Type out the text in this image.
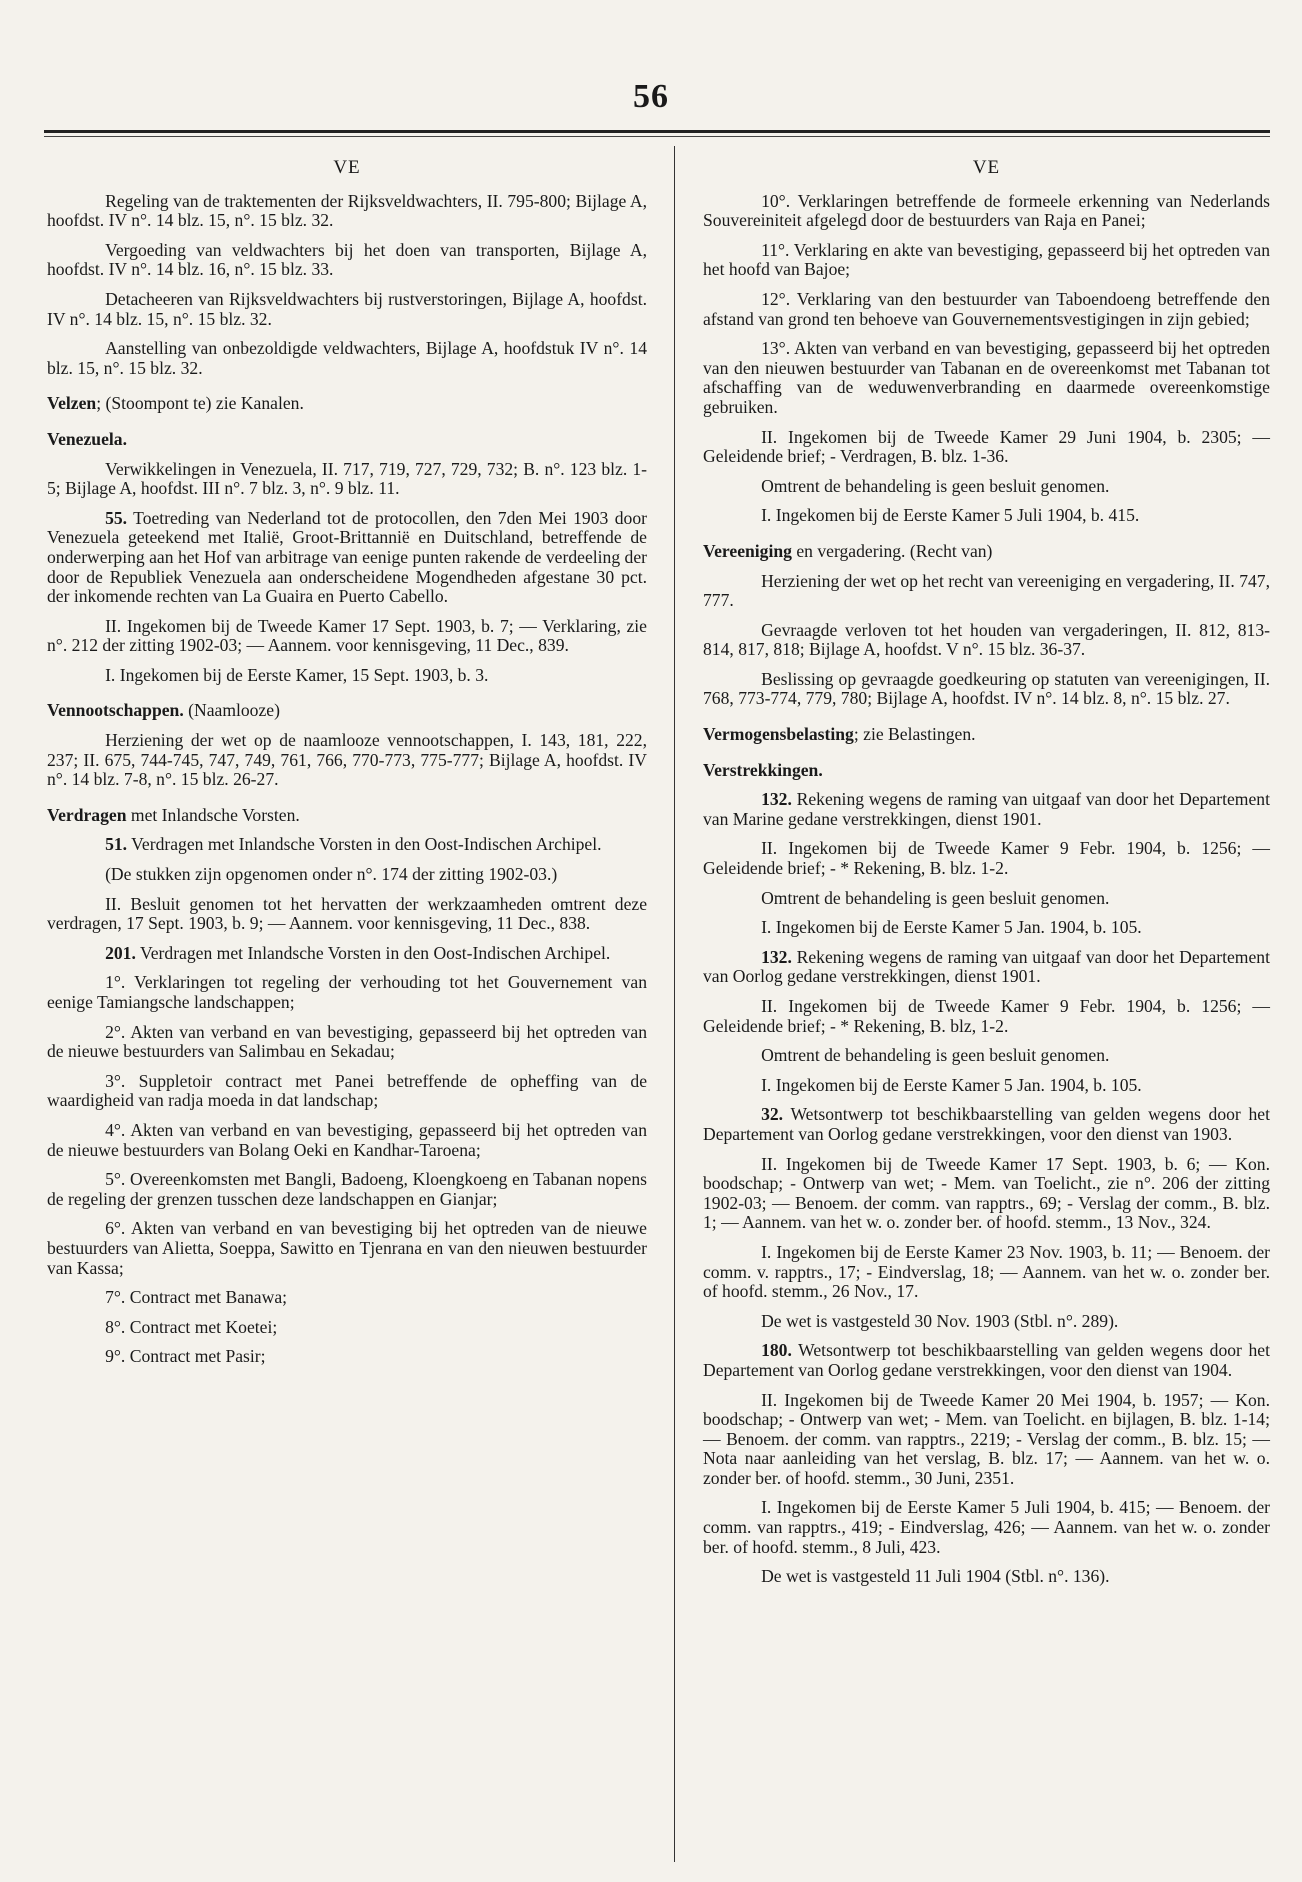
56
VE

Regeling van de traktementen der Rijksveldwachters, II. 795-800; Bijlage A, hoofdst. IV n°. 14 blz. 15, n°. 15 blz. 32.

Vergoeding van veldwachters bij het doen van transporten, Bijlage A, hoofdst. IV n°. 14 blz. 16, n°. 15 blz. 33.

Detacheeren van Rijksveldwachters bij rustverstoringen, Bijlage A, hoofdst. IV n°. 14 blz. 15, n°. 15 blz. 32.

Aanstelling van onbezoldigde veldwachters, Bijlage A, hoofdstuk IV n°. 14 blz. 15, n°. 15 blz. 32.

Velzen; (Stoompont te) zie Kanalen.
Venezuela.

Verwikkelingen in Venezuela, II. 717, 719, 727, 729, 732; B. n°. 123 blz. 1-5; Bijlage A, hoofdst. III n°. 7 blz. 3, n°. 9 blz. 11.

55. Toetreding van Nederland tot de protocollen, den 7den Mei 1903 door Venezuela geteekend met Italië, Groot-Brittannië en Duitschland, betreffende de onderwerping aan het Hof van arbitrage van eenige punten rakende de verdeeling der door de Republiek Venezuela aan onderscheidene Mogendheden afgestane 30 pct. der inkomende rechten van La Guaira en Puerto Cabello.

II. Ingekomen bij de Tweede Kamer 17 Sept. 1903, b. 7; — Verklaring, zie n°. 212 der zitting 1902-03; — Aannem. voor kennisgeving, 11 Dec., 839.

I. Ingekomen bij de Eerste Kamer, 15 Sept. 1903, b. 3.

Vennootschappen. (Naamlooze)

Herziening der wet op de naamlooze vennootschappen, I. 143, 181, 222, 237; II. 675, 744-745, 747, 749, 761, 766, 770-773, 775-777; Bijlage A, hoofdst. IV n°. 14 blz. 7-8, n°. 15 blz. 26-27.

Verdragen met Inlandsche Vorsten.

51. Verdragen met Inlandsche Vorsten in den Oost-Indischen Archipel.

(De stukken zijn opgenomen onder n°. 174 der zitting 1902-03.)

II. Besluit genomen tot het hervatten der werkzaamheden omtrent deze verdragen, 17 Sept. 1903, b. 9; — Aannem. voor kennisgeving, 11 Dec., 838.

201. Verdragen met Inlandsche Vorsten in den Oost-Indischen Archipel.

1°. Verklaringen tot regeling der verhouding tot het Gouvernement van eenige Tamiangsche landschappen;

2°. Akten van verband en van bevestiging, gepasseerd bij het optreden van de nieuwe bestuurders van Salimbau en Sekadau;

3°. Suppletoir contract met Panei betreffende de opheffing van de waardigheid van radja moeda in dat landschap;

4°. Akten van verband en van bevestiging, gepasseerd bij het optreden van de nieuwe bestuurders van Bolang Oeki en Kandhar-Taroena;

5°. Overeenkomsten met Bangli, Badoeng, Kloengkoeng en Tabanan nopens de regeling der grenzen tusschen deze landschappen en Gianjar;

6°. Akten van verband en van bevestiging bij het optreden van de nieuwe bestuurders van Alietta, Soeppa, Sawitto en Tjenrana en van den nieuwen bestuurder van Kassa;

7°. Contract met Banawa;

8°. Contract met Koetei;

9°. Contract met Pasir;

VE

10°. Verklaringen betreffende de formeele erkenning van Nederlands Souvereiniteit afgelegd door de bestuurders van Raja en Panei;

11°. Verklaring en akte van bevestiging, gepasseerd bij het optreden van het hoofd van Bajoe;

12°. Verklaring van den bestuurder van Taboendoeng betreffende den afstand van grond ten behoeve van Gouvernementsvestigingen in zijn gebied;

13°. Akten van verband en van bevestiging, gepasseerd bij het optreden van den nieuwen bestuurder van Tabanan en de overeenkomst met Tabanan tot afschaffing van de weduwenverbranding en daarmede overeenkomstige gebruiken.

II. Ingekomen bij de Tweede Kamer 29 Juni 1904, b. 2305; — Geleidende brief; - Verdragen, B. blz. 1-36.

Omtrent de behandeling is geen besluit genomen.

I. Ingekomen bij de Eerste Kamer 5 Juli 1904, b. 415.

Vereeniging en vergadering. (Recht van)

Herziening der wet op het recht van vereeniging en vergadering, II. 747, 777.

Gevraagde verloven tot het houden van vergaderingen, II. 812, 813-814, 817, 818; Bijlage A, hoofdst. V n°. 15 blz. 36-37.

Beslissing op gevraagde goedkeuring op statuten van vereenigingen, II. 768, 773-774, 779, 780; Bijlage A, hoofdst. IV n°. 14 blz. 8, n°. 15 blz. 27.

Vermogensbelasting; zie Belastingen.
Verstrekkingen.

132. Rekening wegens de raming van uitgaaf van door het Departement van Marine gedane verstrekkingen, dienst 1901.

II. Ingekomen bij de Tweede Kamer 9 Febr. 1904, b. 1256; — Geleidende brief; - * Rekening, B. blz. 1-2.

Omtrent de behandeling is geen besluit genomen.

I. Ingekomen bij de Eerste Kamer 5 Jan. 1904, b. 105.

132. Rekening wegens de raming van uitgaaf van door het Departement van Oorlog gedane verstrekkingen, dienst 1901.

II. Ingekomen bij de Tweede Kamer 9 Febr. 1904, b. 1256; — Geleidende brief; - * Rekening, B. blz, 1-2.

Omtrent de behandeling is geen besluit genomen.

I. Ingekomen bij de Eerste Kamer 5 Jan. 1904, b. 105.

32. Wetsontwerp tot beschikbaarstelling van gelden wegens door het Departement van Oorlog gedane verstrekkingen, voor den dienst van 1903.

II. Ingekomen bij de Tweede Kamer 17 Sept. 1903, b. 6; — Kon. boodschap; - Ontwerp van wet; - Mem. van Toelicht., zie n°. 206 der zitting 1902-03; — Benoem. der comm. van rapptrs., 69; - Verslag der comm., B. blz. 1; — Aannem. van het w. o. zonder ber. of hoofd. stemm., 13 Nov., 324.

I. Ingekomen bij de Eerste Kamer 23 Nov. 1903, b. 11; — Benoem. der comm. v. rapptrs., 17; - Eindverslag, 18; — Aannem. van het w. o. zonder ber. of hoofd. stemm., 26 Nov., 17.

De wet is vastgesteld 30 Nov. 1903 (Stbl. n°. 289).

180. Wetsontwerp tot beschikbaarstelling van gelden wegens door het Departement van Oorlog gedane verstrekkingen, voor den dienst van 1904.

II. Ingekomen bij de Tweede Kamer 20 Mei 1904, b. 1957; — Kon. boodschap; - Ontwerp van wet; - Mem. van Toelicht. en bijlagen, B. blz. 1-14; — Benoem. der comm. van rapptrs., 2219; - Verslag der comm., B. blz. 15; — Nota naar aanleiding van het verslag, B. blz. 17; — Aannem. van het w. o. zonder ber. of hoofd. stemm., 30 Juni, 2351.

I. Ingekomen bij de Eerste Kamer 5 Juli 1904, b. 415; — Benoem. der comm. van rapptrs., 419; - Eindverslag, 426; — Aannem. van het w. o. zonder ber. of hoofd. stemm., 8 Juli, 423.

De wet is vastgesteld 11 Juli 1904 (Stbl. n°. 136).
